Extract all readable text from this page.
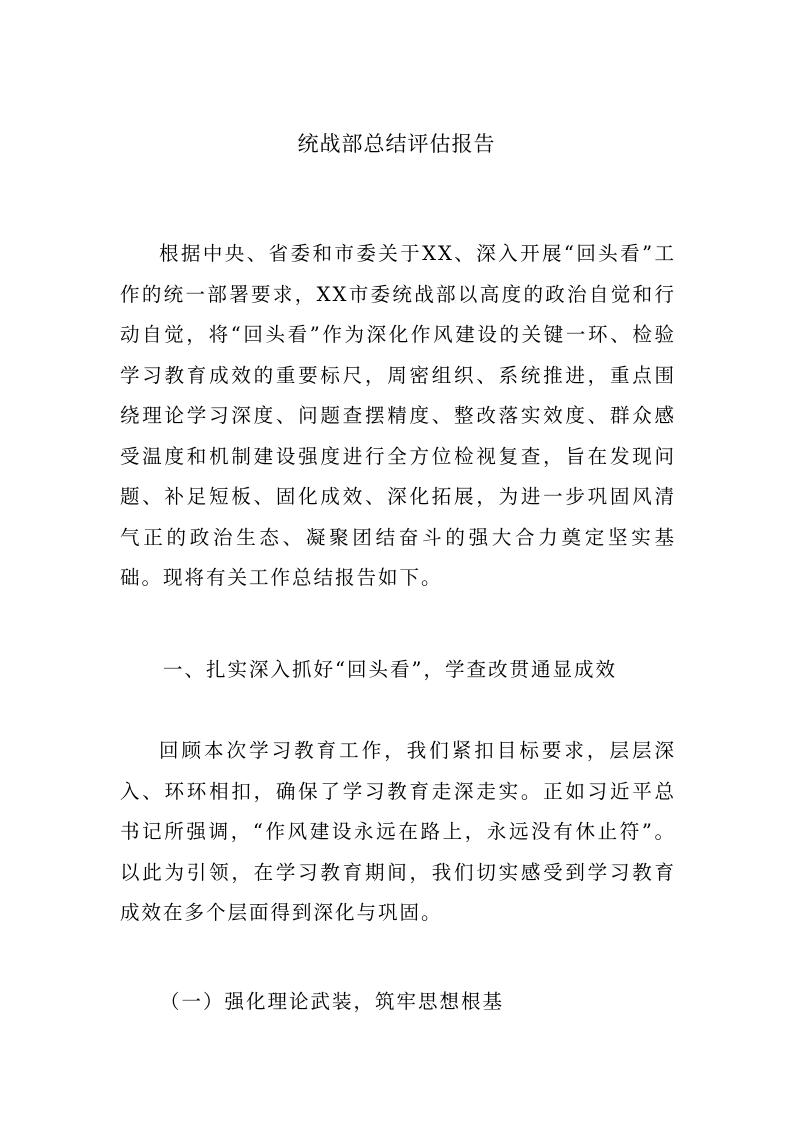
统战部总结评估报告
根据中央、省委和市委关于XX、深入开展“回头看”工作的统一部署要求，XX市委统战部以高度的政治自觉和行动自觉，将“回头看”作为深化作风建设的关键一环、检验学习教育成效的重要标尺，周密组织、系统推进，重点围绕理论学习深度、问题查摆精度、整改落实效度、群众感受温度和机制建设强度进行全方位检视复查，旨在发现问题、补足短板、固化成效、深化拓展，为进一步巩固风清气正的政治生态、凝聚团结奋斗的强大合力奠定坚实基础。现将有关工作总结报告如下。
一、扎实深入抓好“回头看”，学查改贯通显成效
回顾本次学习教育工作，我们紧扣目标要求，层层深入、环环相扣，确保了学习教育走深走实。正如习近平总书记所强调，“作风建设永远在路上，永远没有休止符”。以此为引领，在学习教育期间，我们切实感受到学习教育成效在多个层面得到深化与巩固。
（一）强化理论武装，筑牢思想根基
